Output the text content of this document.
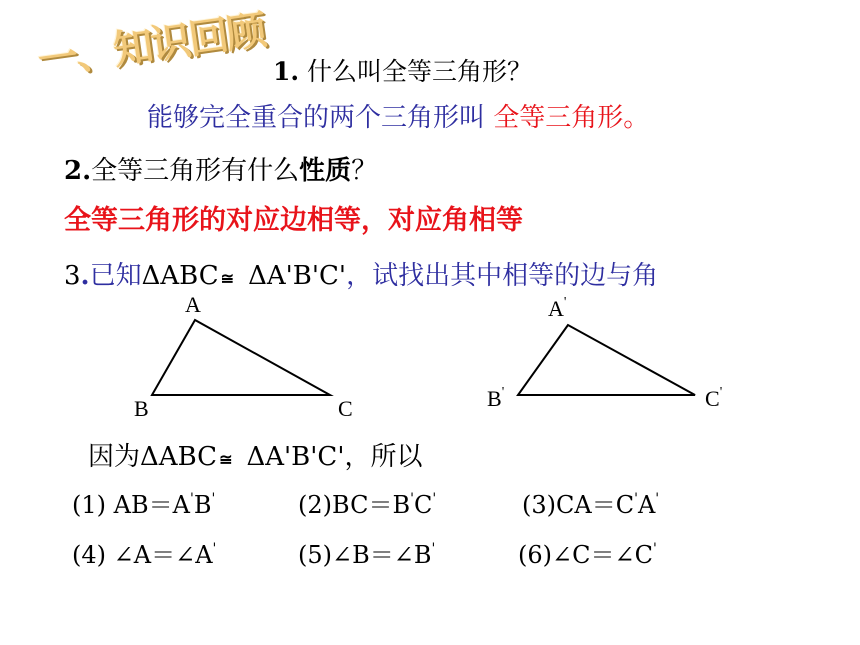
一、知识回顾 1. 什么叫全等三角形？
能够完全重合的两个三角形叫 全等三角形。
2.全等三角形有什么性质？
全等三角形的对应边相等，对应角相等
3.已知ΔABC ≅ ΔA'B'C'，试找出其中相等的边与角
A
B	C
A'
B'	C'
因为ΔABC ≅ ΔA'B'C'，所以
(1) AB＝A'B'	(2)BC＝B'C'	(3)CA＝C'A'
(4) ∠A＝∠A'	(5)∠B＝∠B'	(6)∠C＝∠C'
